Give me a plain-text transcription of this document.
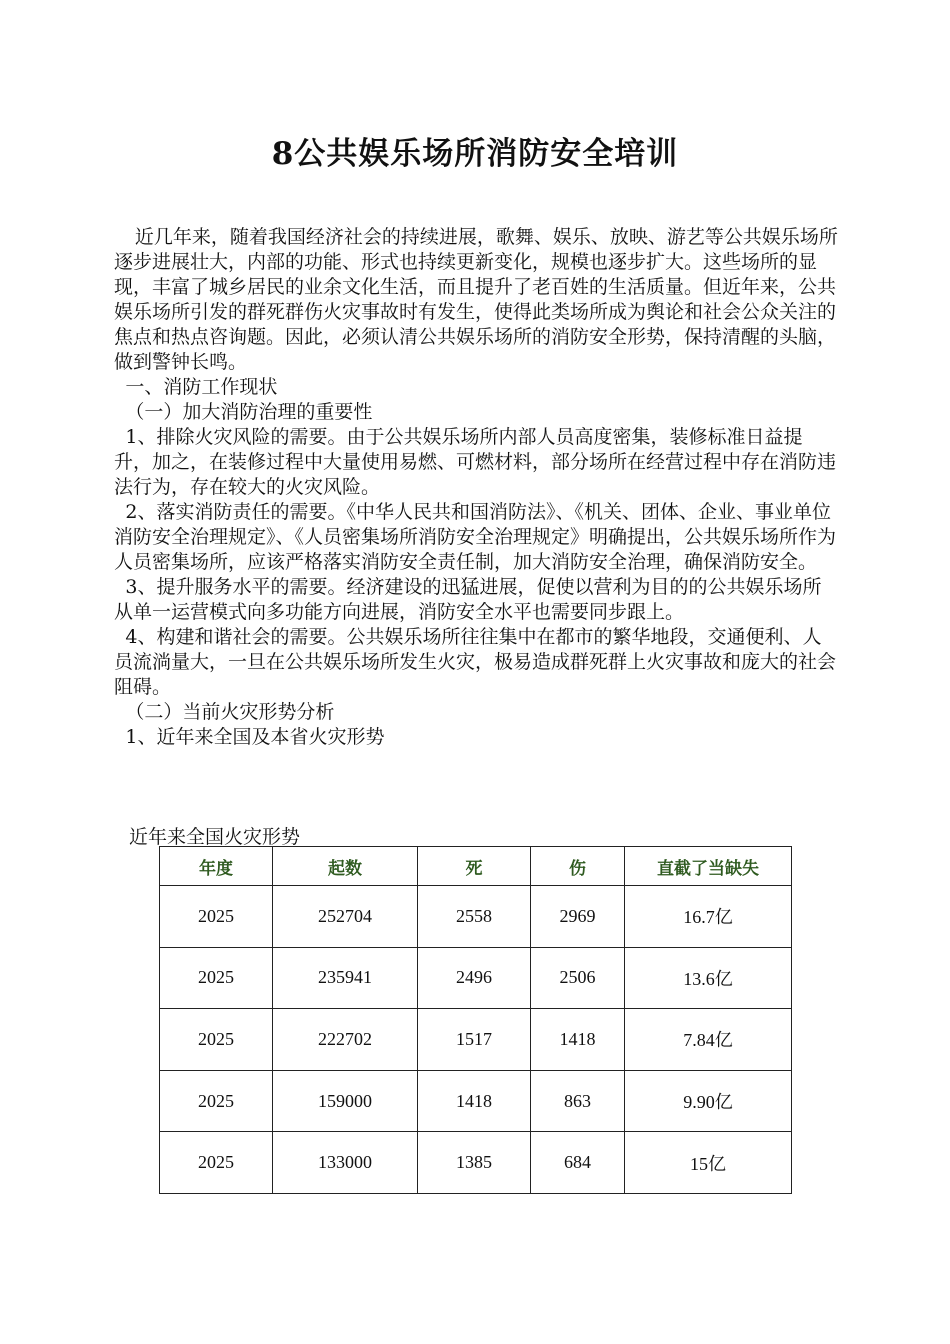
8公共娱乐场所消防安全培训

近几年来，随着我国经济社会的持续进展，歌舞、娱乐、放映、游艺等公共娱乐场所逐步进展壮大，内部的功能、形式也持续更新变化，规模也逐步扩大。这些场所的显现，丰富了城乡居民的业余文化生活，而且提升了老百姓的生活质量。但近年来，公共娱乐场所引发的群死群伤火灾事故时有发生，使得此类场所成为舆论和社会公众关注的焦点和热点咨询题。因此，必须认清公共娱乐场所的消防安全形势，保持清醒的头脑，做到警钟长鸣。

一、消防工作现状

（一）加大消防治理的重要性

1、排除火灾风险的需要。由于公共娱乐场所内部人员高度密集，装修标准日益提升，加之，在装修过程中大量使用易燃、可燃材料，部分场所在经营过程中存在消防违法行为，存在较大的火灾风险。

2、落实消防责任的需要。《中华人民共和国消防法》、《机关、团体、企业、事业单位消防安全治理规定》、《人员密集场所消防安全治理规定》明确提出，公共娱乐场所作为人员密集场所，应该严格落实消防安全责任制，加大消防安全治理，确保消防安全。

3、提升服务水平的需要。经济建设的迅猛进展，促使以营利为目的的公共娱乐场所从单一运营模式向多功能方向进展，消防安全水平也需要同步跟上。

4、构建和谐社会的需要。公共娱乐场所往往集中在都市的繁华地段，交通便利、人员流淌量大，一旦在公共娱乐场所发生火灾，极易造成群死群上火灾事故和庞大的社会阻碍。

（二）当前火灾形势分析

1、近年来全国及本省火灾形势

近年来全国火灾形势
年度	起数	死	伤	直截了当缺失
2025	252704	2558	2969	16.7亿
2025	235941	2496	2506	13.6亿
2025	222702	1517	1418	7.84亿
2025	159000	1418	863	9.90亿
2025	133000	1385	684	15亿
